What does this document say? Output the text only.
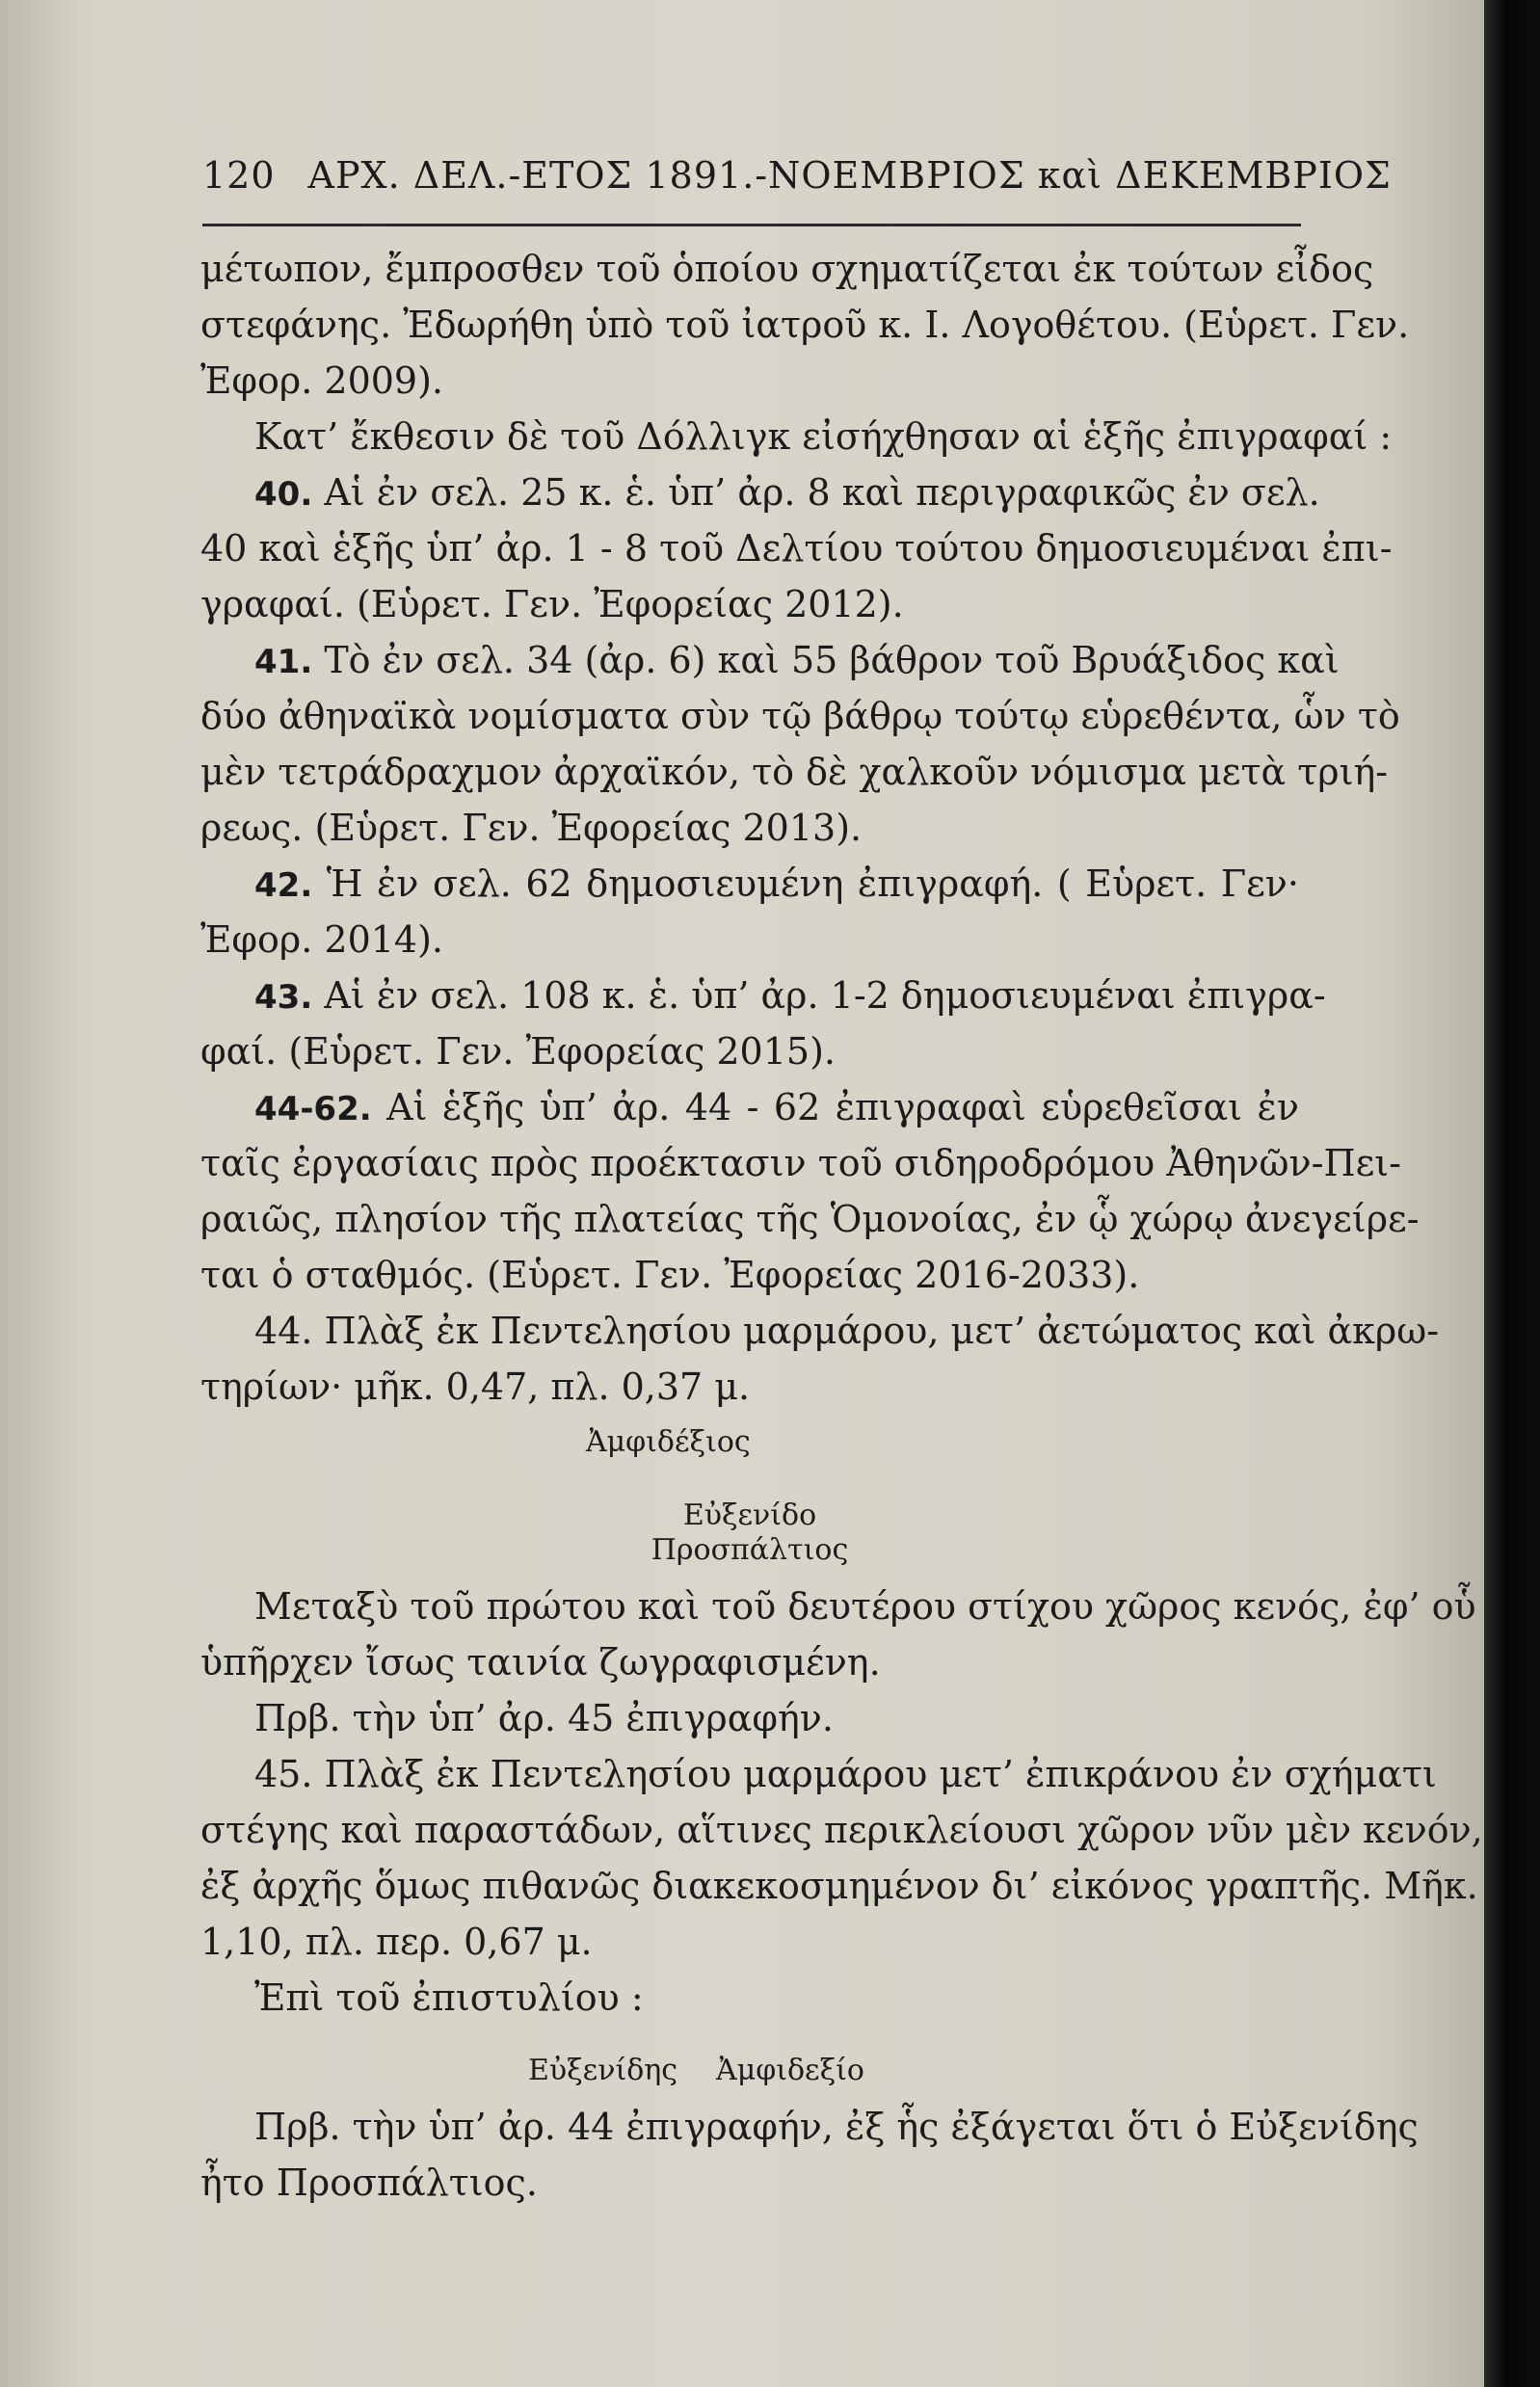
120 ΑΡΧ. ΔΕΛ.-ΕΤΟΣ 1891.-ΝΟΕΜΒΡΙΟΣ καὶ ΔΕΚΕΜΒΡΙΟΣ
μέτωπον, ἔμπροσθεν τοῦ ὁποίου σχηματίζεται ἐκ τούτων εἶδος
στεφάνης. Ἐδωρήθη ὑπὸ τοῦ ἰατροῦ κ. Ι. Λογοθέτου. (Εὑρετ. Γεν.
Ἐφορ. 2009).
Κατ’ ἔκθεσιν δὲ τοῦ Δόλλιγκ εἰσήχθησαν αἱ ἑξῆς ἐπιγραφαί :
40. Αἱ ἐν σελ. 25 κ. ἑ. ὑπ’ ἀρ. 8 καὶ περιγραφικῶς ἐν σελ.
40 καὶ ἑξῆς ὑπ’ ἀρ. 1 - 8 τοῦ Δελτίου τούτου δημοσιευμέναι ἐπι-
γραφαί. (Εὑρετ. Γεν. Ἐφορείας 2012).
41. Τὸ ἐν σελ. 34 (ἀρ. 6) καὶ 55 βάθρον τοῦ Βρυάξιδος καὶ
δύο ἀθηναϊκὰ νομίσματα σὺν τῷ βάθρῳ τούτῳ εὑρεθέντα, ὧν τὸ
μὲν τετράδραχμον ἀρχαϊκόν, τὸ δὲ χαλκοῦν νόμισμα μετὰ τριή-
ρεως. (Εὑρετ. Γεν. Ἐφορείας 2013).
42. Ἡ ἐν σελ. 62 δημοσιευμένη ἐπιγραφή. ( Εὑρετ. Γεν·
Ἐφορ. 2014).
43. Αἱ ἐν σελ. 108 κ. ἑ. ὑπ’ ἀρ. 1-2 δημοσιευμέναι ἐπιγρα-
φαί. (Εὑρετ. Γεν. Ἐφορείας 2015).
44-62. Αἱ ἑξῆς ὑπ’ ἀρ. 44 - 62 ἐπιγραφαὶ εὑρεθεῖσαι ἐν
ταῖς ἐργασίαις πρὸς προέκτασιν τοῦ σιδηροδρόμου Ἀθηνῶν-Πει-
ραιῶς, πλησίον τῆς πλατείας τῆς Ὁμονοίας, ἐν ᾧ χώρῳ ἀνεγείρε-
ται ὁ σταθμός. (Εὑρετ. Γεν. Ἐφορείας 2016-2033).
44. Πλὰξ ἐκ Πεντελησίου μαρμάρου, μετ’ ἀετώματος καὶ ἀκρω-
τηρίων· μῆκ. 0,47, πλ. 0,37 μ.
Ἀμφιδέξιος
Εὐξενίδο
Προσπάλτιος
Μεταξὺ τοῦ πρώτου καὶ τοῦ δευτέρου στίχου χῶρος κενός, ἐφ’ οὗ
ὑπῆρχεν ἴσως ταινία ζωγραφισμένη.
Πρβ. τὴν ὑπ’ ἀρ. 45 ἐπιγραφήν.
45. Πλὰξ ἐκ Πεντελησίου μαρμάρου μετ’ ἐπικράνου ἐν σχήματι
στέγης καὶ παραστάδων, αἵτινες περικλείουσι χῶρον νῦν μὲν κενόν,
ἐξ ἀρχῆς ὅμως πιθανῶς διακεκοσμημένον δι’ εἰκόνος γραπτῆς. Μῆκ.
1,10, πλ. περ. 0,67 μ.
Ἐπὶ τοῦ ἐπιστυλίου :
Εὐξενίδης Ἀμφιδεξίο
Πρβ. τὴν ὑπ’ ἀρ. 44 ἐπιγραφήν, ἐξ ἧς ἐξάγεται ὅτι ὁ Εὐξενίδης
ἦτο Προσπάλτιος.
